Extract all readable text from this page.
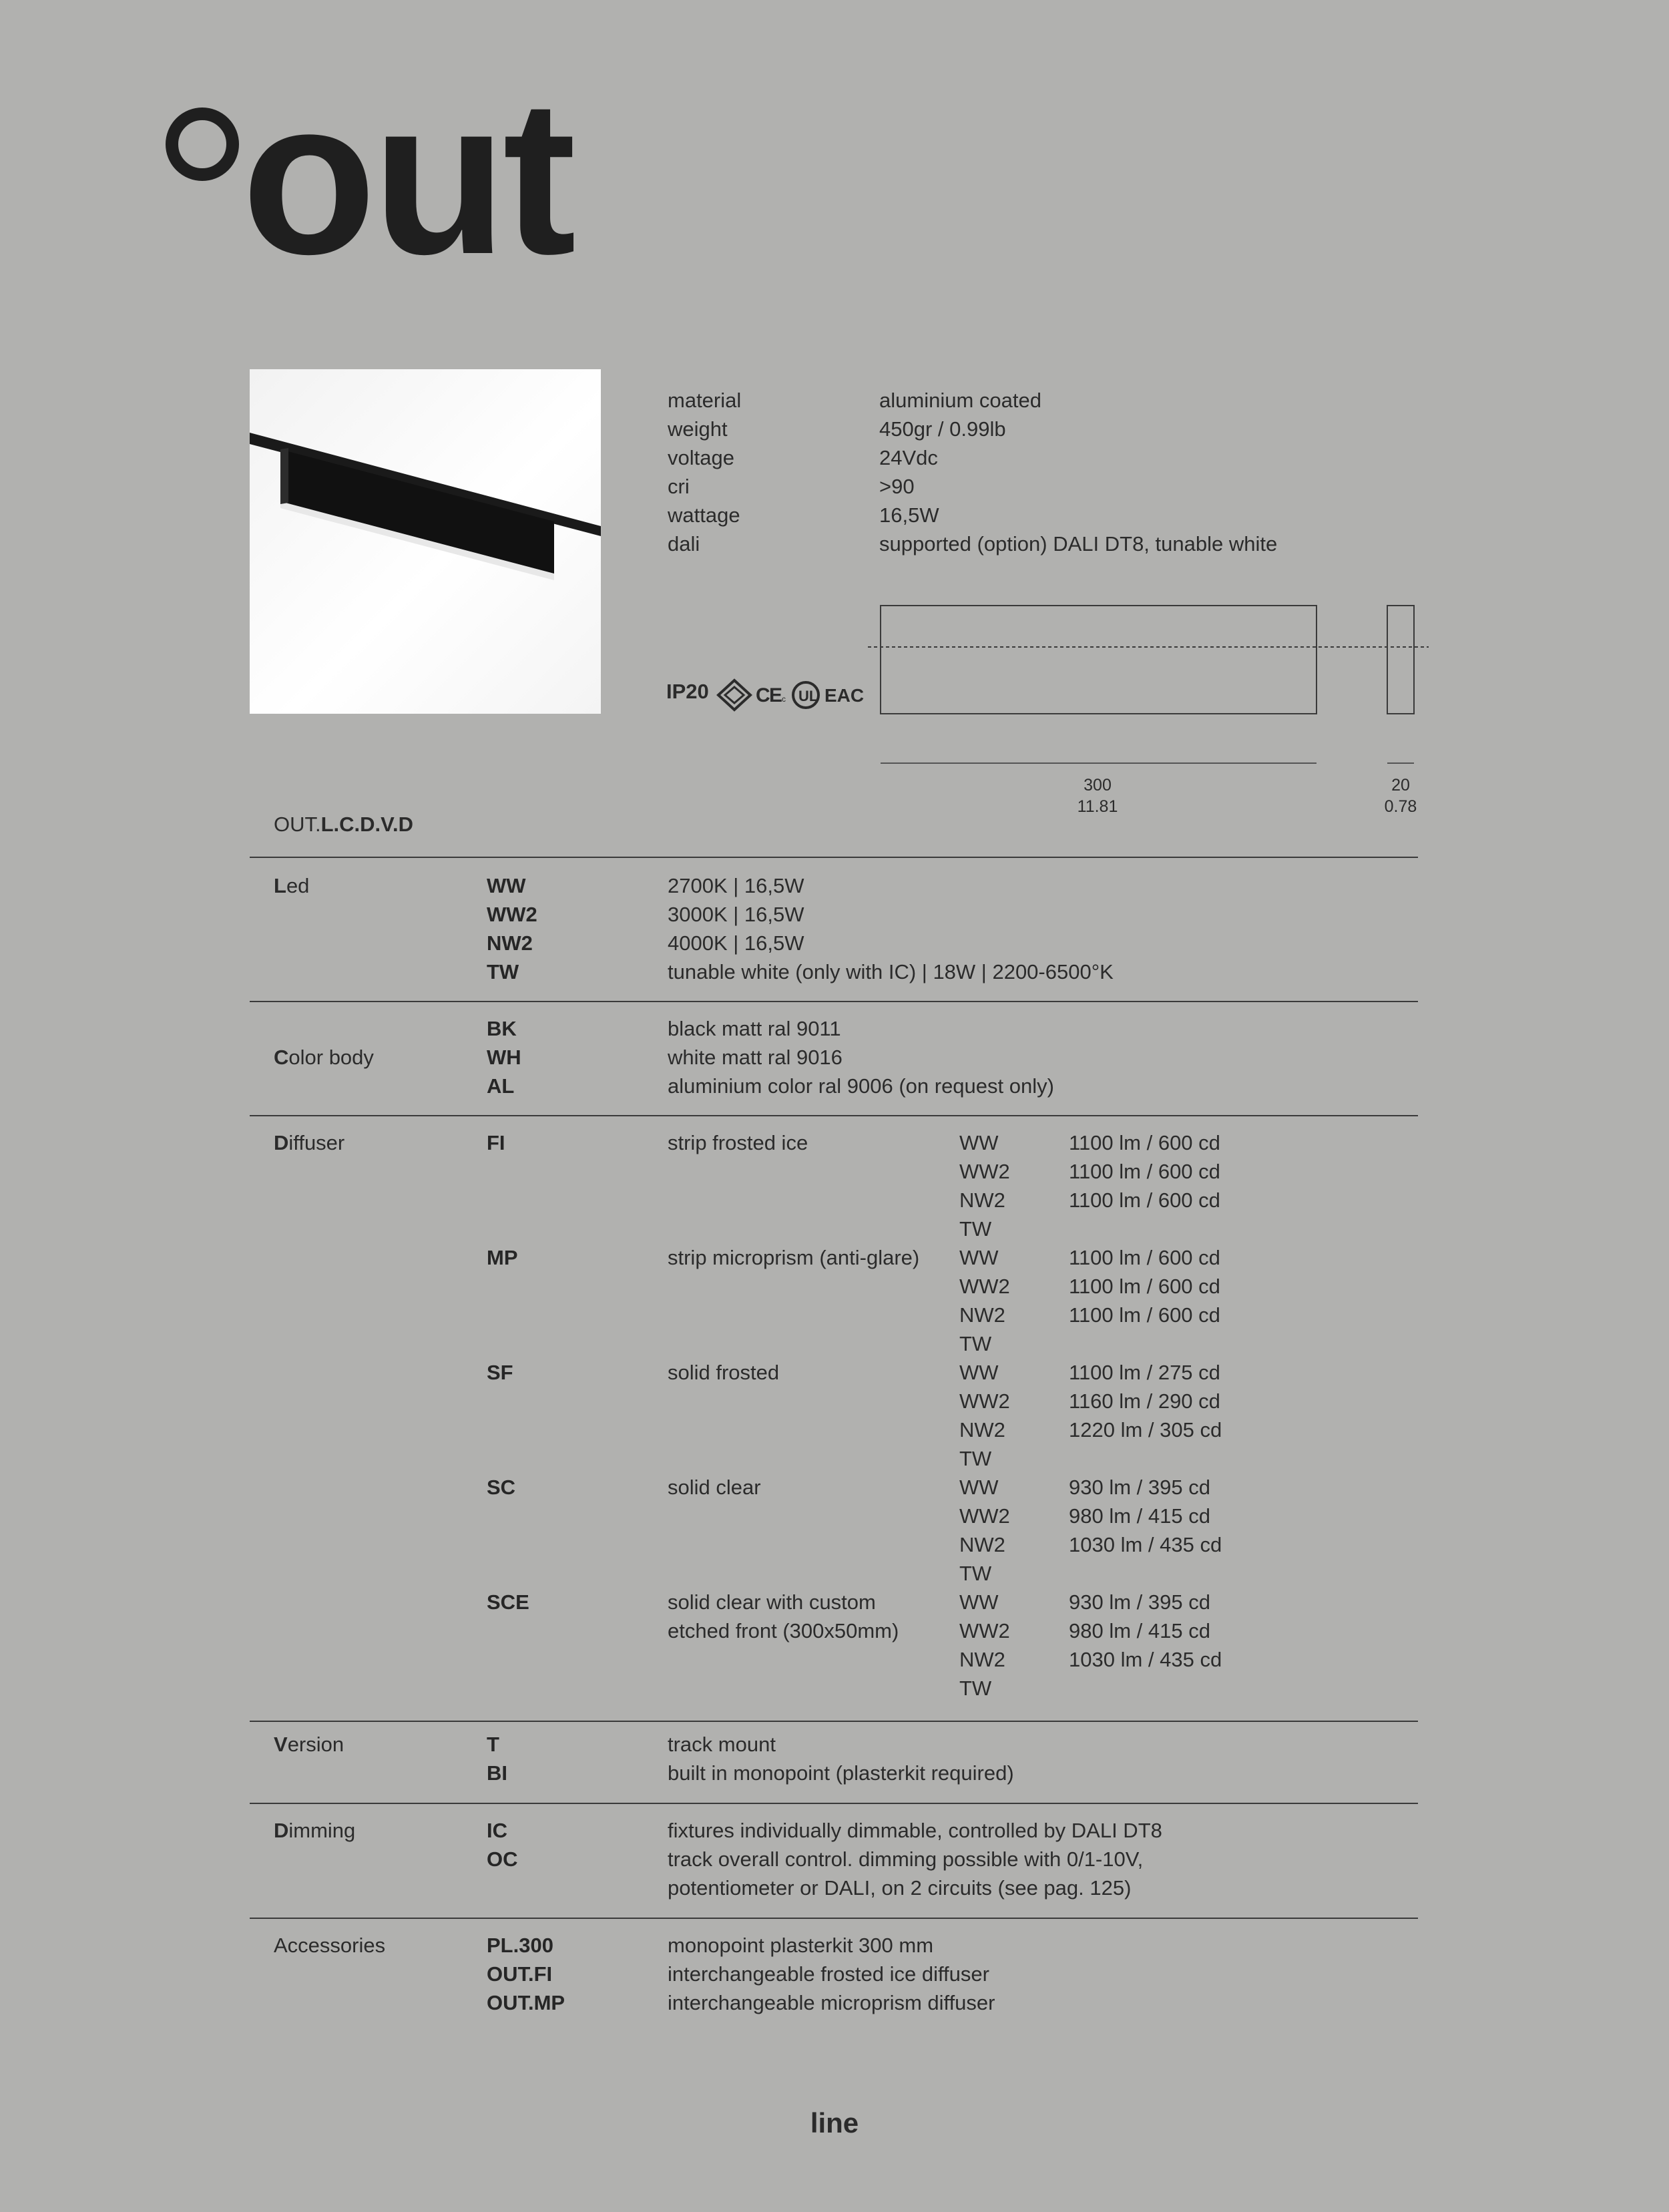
out
material	aluminium coated
weight	450gr / 0.99lb
voltage	24Vdc
cri	>90
wattage	16,5W
dali	supported (option) DALI DT8, tunable white
IP20 C
E
c UL EAC
300
11.81
20
0.78
OUT.L.C.D.V.D
Led	WW	2700K | 16,5W
WW2	3000K | 16,5W
NW2	4000K | 16,5W
TW	tunable white (only with IC) | 18W | 2200-6500°K
Color body
BK	black matt ral 9011
WH	white matt ral 9016
AL	aluminium color ral 9006 (on request only)
Diffuser	FI	strip frosted ice	WW	1100 lm / 600 cd
WW2	1100 lm / 600 cd
NW2	1100 lm / 600 cd
TW
MP	strip microprism (anti-glare) WW	1100 lm / 600 cd
WW2	1100 lm / 600 cd
NW2	1100 lm / 600 cd
TW
SF	solid frosted	WW	1100 lm / 275 cd
WW2	1160 lm / 290 cd
NW2	1220 lm / 305 cd
TW
SC	solid clear	WW	930 lm / 395 cd
WW2	980 lm / 415 cd
NW2	1030 lm / 435 cd
TW
SCE	solid clear with custom
etched front (300x50mm)
WW	930 lm / 395 cd
WW2	980 lm / 415 cd
NW2	1030 lm / 435 cd
TW
Version	T	track mount
BI	built in monopoint (plasterkit required)
Dimming	IC	fixtures individually dimmable, controlled by DALI DT8
OC	track overall control. dimming possible with 0/1-10V,
potentiometer or DALI, on 2 circuits (see pag. 125)
Accessories	PL.300	monopoint plasterkit 300 mm
OUT.FI	interchangeable frosted ice diffuser
OUT.MP	interchangeable microprism diffuser
line
